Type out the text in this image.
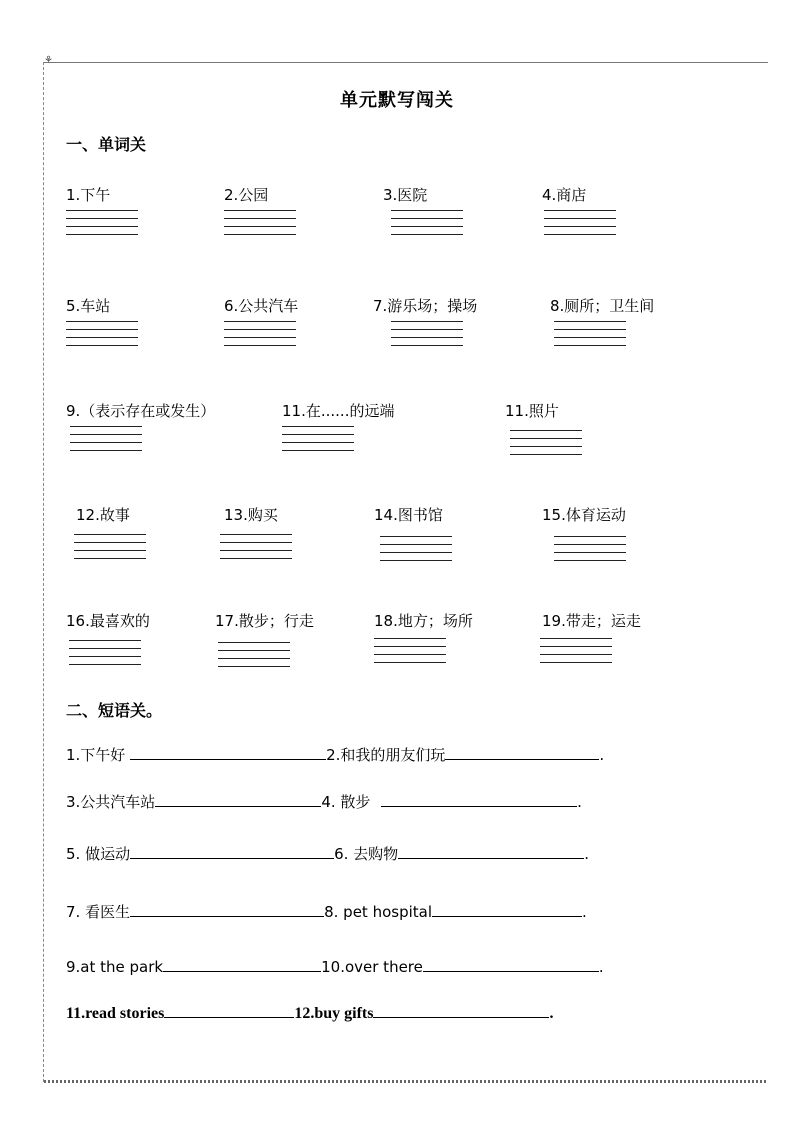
⚘
单元默写闯关
一、单词关
1.下午	2.公园	3.医院	4.商店
5.车站	6.公共汽车	7.游乐场；操场	8.厕所；卫生间
9.（表示存在或发生）	11.在......的远端	11.照片
12.故事	13.购买	14.图书馆	15.体育运动
16.最喜欢的	17.散步；行走	18.地方；场所	19.带走；运走
二、短语关。
1.下午好	2.和我的朋友们玩	.
3.公共汽车站	4. 散步	.
5. 做运动	6. 去购物	.
7. 看医生	8. pet hospital	.
9.at the park	10.over there	.
11.read stories	12.buy gifts	.
